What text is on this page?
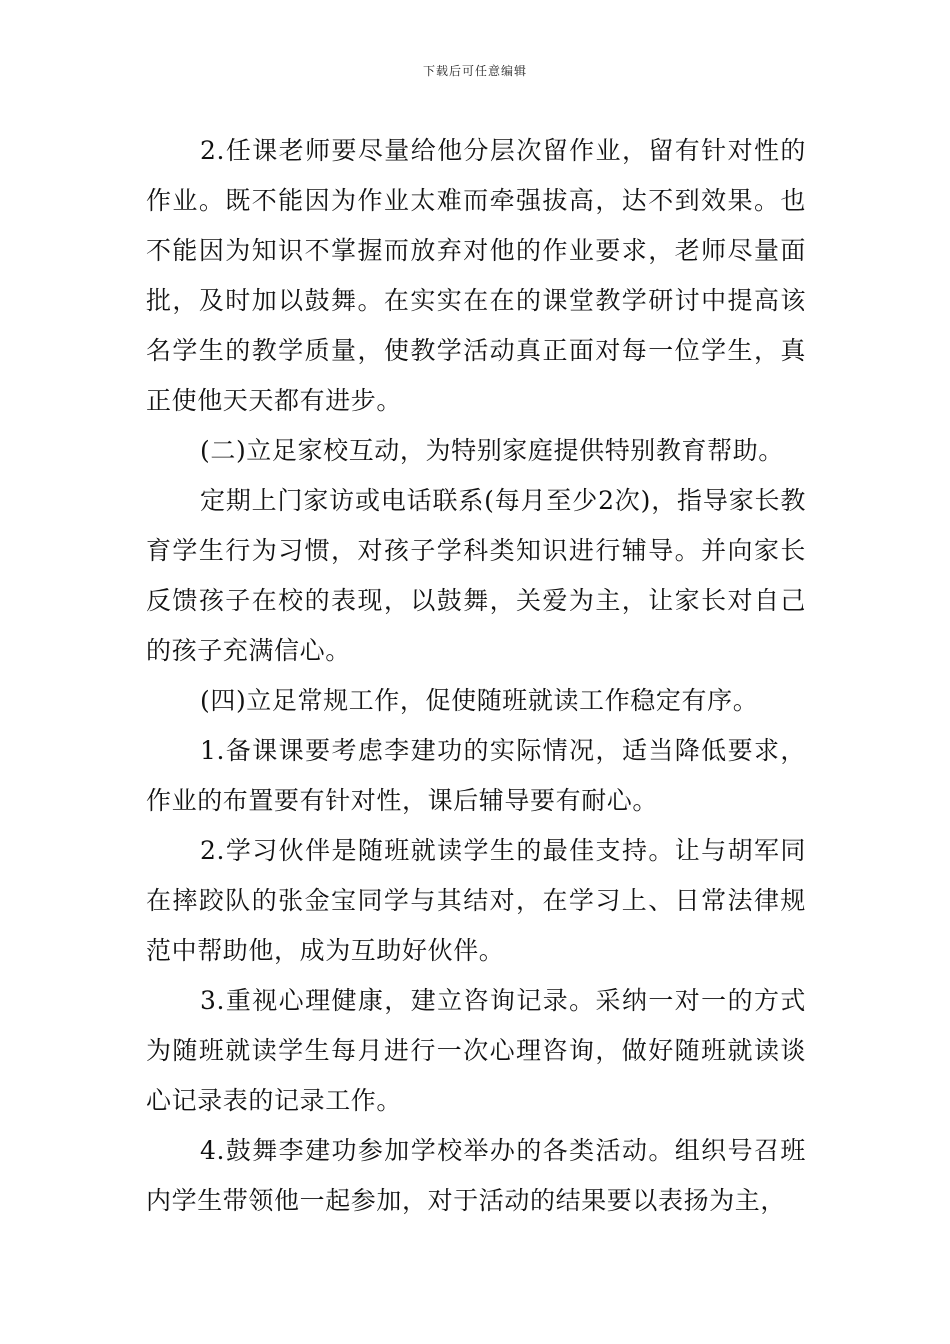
下载后可任意编辑

2.任课老师要尽量给他分层次留作业，留有针对性的作业。既不能因为作业太难而牵强拔高，达不到效果。也不能因为知识不掌握而放弃对他的作业要求，老师尽量面批，及时加以鼓舞。在实实在在的课堂教学研讨中提高该名学生的教学质量，使教学活动真正面对每一位学生，真正使他天天都有进步。

(二)立足家校互动，为特别家庭提供特别教育帮助。

定期上门家访或电话联系(每月至少2次)，指导家长教育学生行为习惯，对孩子学科类知识进行辅导。并向家长反馈孩子在校的表现，以鼓舞，关爱为主，让家长对自己的孩子充满信心。

(四)立足常规工作，促使随班就读工作稳定有序。

1.备课课要考虑李建功的实际情况，适当降低要求，作业的布置要有针对性，课后辅导要有耐心。

2.学习伙伴是随班就读学生的最佳支持。让与胡军同在摔跤队的张金宝同学与其结对，在学习上、日常法律规范中帮助他，成为互助好伙伴。

3.重视心理健康，建立咨询记录。采纳一对一的方式为随班就读学生每月进行一次心理咨询，做好随班就读谈心记录表的记录工作。

4.鼓舞李建功参加学校举办的各类活动。组织号召班内学生带领他一起参加，对于活动的结果要以表扬为主，
